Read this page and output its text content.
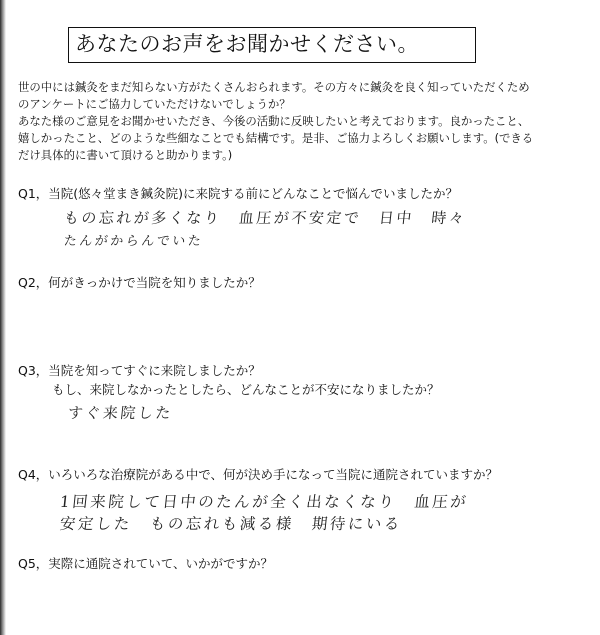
あなたのお声をお聞かせください。
世の中には鍼灸をまだ知らない方がたくさんおられます。その方々に鍼灸を良く知っていただくため
のアンケートにご協力していただけないでしょうか？
あなた様のご意見をお聞かせいただき、今後の活動に反映したいと考えております。良かったこと、
嬉しかったこと、どのような些細なことでも結構です。是非、ご協力よろしくお願いします。(できる
だけ具体的に書いて頂けると助かります。)
Q1，当院(悠々堂まき鍼灸院)に来院する前にどんなことで悩んでいましたか？
もの忘れが多くなり　血圧が不安定で　日中　時々
たんがからんでいた
Q2，何がきっかけで当院を知りましたか？
Q3，当院を知ってすぐに来院しましたか？
もし、来院しなかったとしたら、どんなことが不安になりましたか？
すぐ来院した
Q4，いろいろな治療院がある中で、何が決め手になって当院に通院されていますか？
1回来院して日中のたんが全く出なくなり　血圧が
安定した　もの忘れも減る様　期待にいる
Q5，実際に通院されていて、いかがですか？
